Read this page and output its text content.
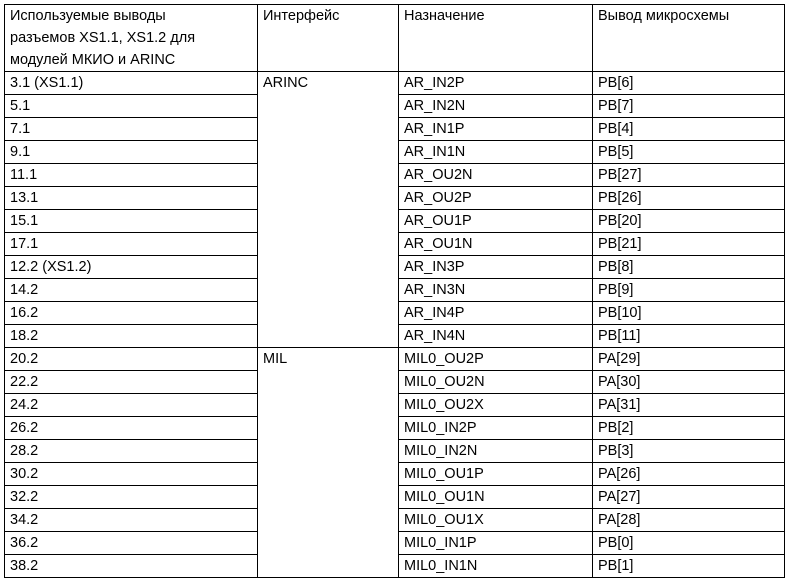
Используемые выводы
разъемов XS1.1, XS1.2 для
модулей МКИО и ARINC	Интерфейс	Назначение	Вывод микросхемы

3.1 (XS1.1)	ARINC	AR_IN2P	PB[6]
5.1		AR_IN2N	PB[7]
7.1		AR_IN1P	PB[4]
9.1		AR_IN1N	PB[5]
11.1		AR_OU2N	PB[27]
13.1		AR_OU2P	PB[26]
15.1		AR_OU1P	PB[20]
17.1		AR_OU1N	PB[21]
12.2 (XS1.2)		AR_IN3P	PB[8]
14.2		AR_IN3N	PB[9]
16.2		AR_IN4P	PB[10]
18.2		AR_IN4N	PB[11]
20.2	MIL	MIL0_OU2P	PA[29]
22.2		MIL0_OU2N	PA[30]
24.2		MIL0_OU2X	PA[31]
26.2		MIL0_IN2P	PB[2]
28.2		MIL0_IN2N	PB[3]
30.2		MIL0_OU1P	PA[26]
32.2		MIL0_OU1N	PA[27]
34.2		MIL0_OU1X	PA[28]
36.2		MIL0_IN1P	PB[0]
38.2		MIL0_IN1N	PB[1]
